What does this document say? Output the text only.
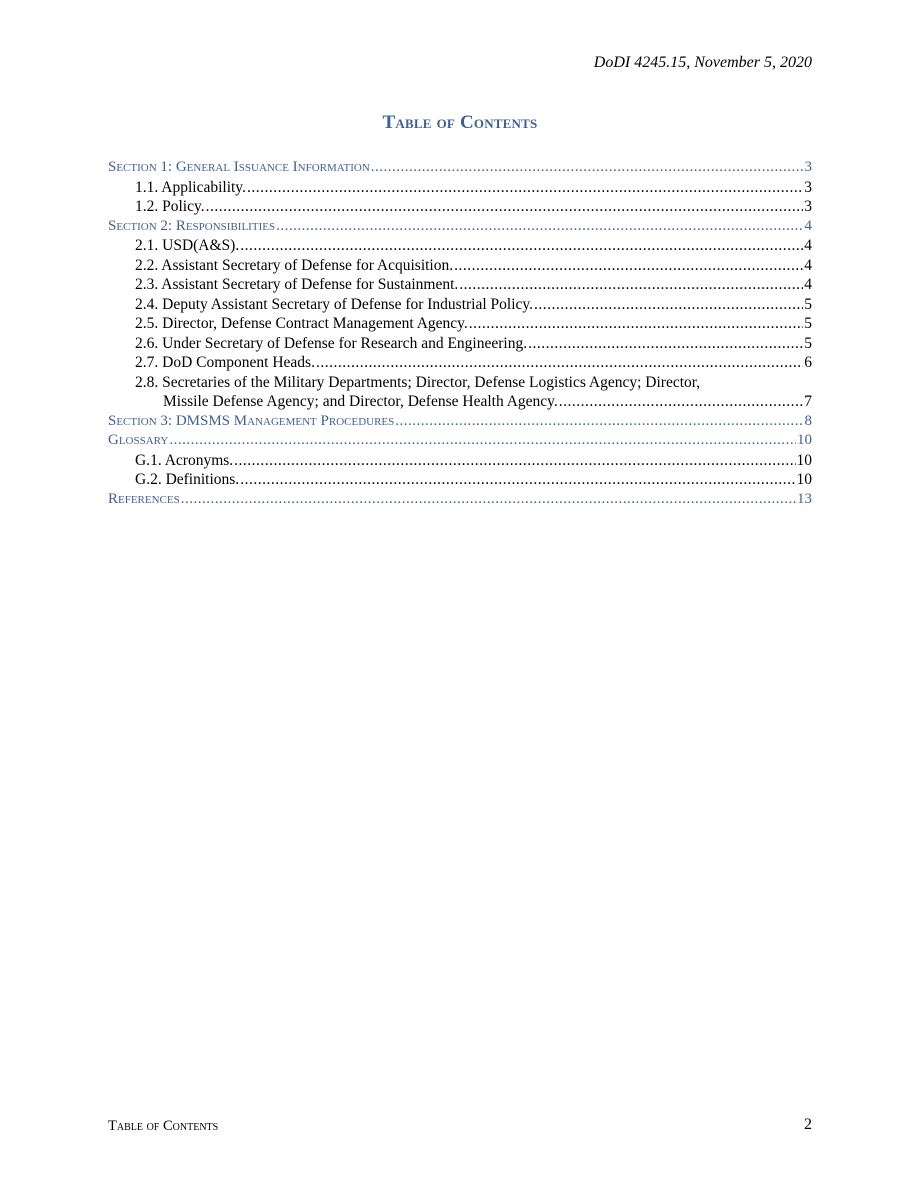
DoDI 4245.15, November 5, 2020
Table of Contents
Section 1: General Issuance Information .....	3
1.1. Applicability. .....	3
1.2. Policy. .....	3
Section 2: Responsibilities .....	4
2.1. USD(A&S). .....	4
2.2. Assistant Secretary of Defense for Acquisition. .....	4
2.3. Assistant Secretary of Defense for Sustainment. .....	4
2.4. Deputy Assistant Secretary of Defense for Industrial Policy. .....	5
2.5. Director, Defense Contract Management Agency. .....	5
2.6. Under Secretary of Defense for Research and Engineering. .....	5
2.7. DoD Component Heads. .....	6
2.8. Secretaries of the Military Departments; Director, Defense Logistics Agency; Director,
Missile Defense Agency; and Director, Defense Health Agency. .....	7
Section 3: DMSMS Management Procedures .....	8
Glossary .....	10
G.1. Acronyms. .....	10
G.2. Definitions. .....	10
References .....	13
Table of Contents	2
